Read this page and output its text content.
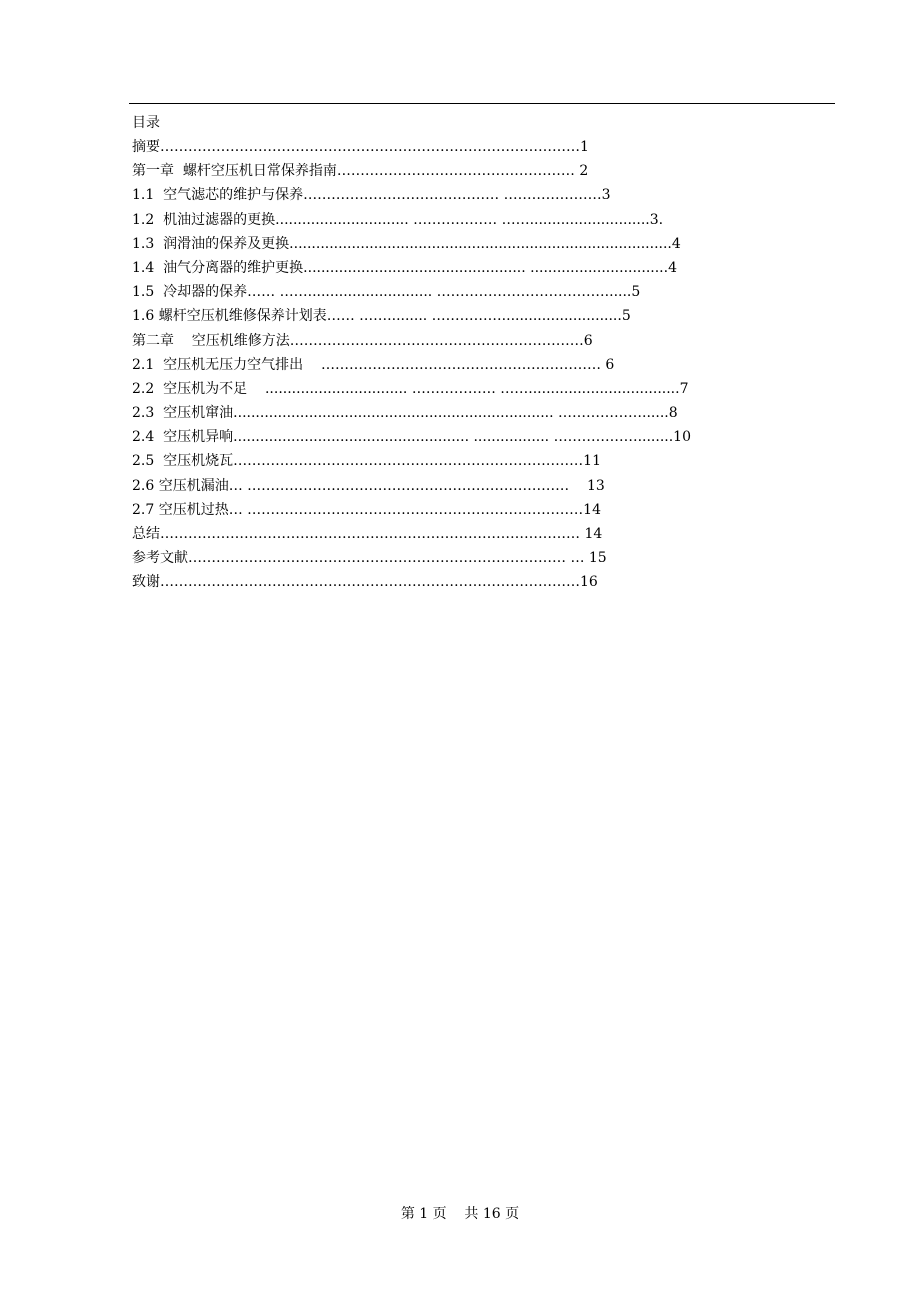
目录
摘要………………………………………………………………………………1
第一章  螺杆空压机日常保养指南…………………………………………… 2
1.1  空气滤芯的维护与保养…………………………………… …………………3
1.2  机油过滤器的更换.............................. ……………… ……...........................3.
1.3  润滑油的保养及更换......................................................................................4
1.4  油气分离器的维护更换.................................................. ...............................4
1.5  冷却器的保养…… ……............................ ………………………………......5
1.6 螺杆空压机维修保养计划表…… ……......... ……………...........................5
第二章    空压机维修方法………………………………………………………6
2.1  空压机无压力空气排出    …………………………………………………… 6
2.2  空压机为不足    ................................ ……………… ……..................................7
2.3  空压机窜油........................................................................ ………………......8
2.4  空压机异响..................................................... ................. ………………........10
2.5  空压机烧瓦…………………………………………………………………11
2.6 空压机漏油… ……………………………………………………………    13
2.7 空压机过热… ………………………………………………………………14
总结……………………………………………………………………………… 14
参考文献……………………………………………………………………… … 15
致谢………………………………………………………………………………16
第 1 页    共 16 页
